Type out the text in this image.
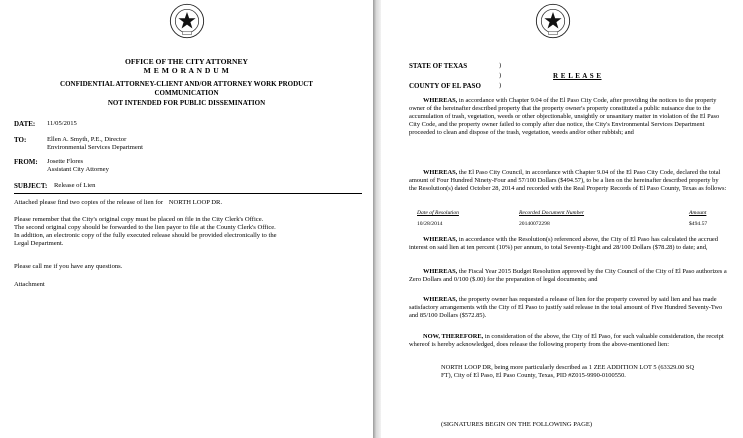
OFFICE OF THE CITY ATTORNEY
M E M O R A N D U M
CONFIDENTIAL ATTORNEY-CLIENT AND/OR ATTORNEY WORK PRODUCT
COMMUNICATION
NOT INTENDED FOR PUBLIC DISSEMINATION
DATE: 11/05/2015
TO:	Ellen A. Smyth, P.E., Director
Environmental Services Department
FROM: Josette Flores
Assistant City Attorney
SUBJECT: Release of Lien
Attached please find two copies of the release of lien for NORTH LOOP DR.
Please remember that the City's original copy must be placed on file in the City Clerk's Office.
The second original copy should be forwarded to the lien payor to file at the County Clerk's Office.
In addition, an electronic copy of the fully executed release should be provided electronically to the
Legal Department.
Please call me if you have any questions.
Attachment
STATE OF TEXAS	)
)	R E L E A S E
COUNTY OF EL PASO	)
WHEREAS, in accordance with Chapter 9.04 of the El Paso City Code, after providing the notices to the property owner of the hereinafter described property that the property owner's property constituted a public nuisance due to the accumulation of trash, vegetation, weeds or other objectionable, unsightly or unsanitary matter in violation of the El Paso City Code, and the property owner failed to comply after due notice, the City's Environmental Services Department proceeded to clean and dispose of the trash, vegetation, weeds and/or other rubbish; and
WHEREAS, the El Paso City Council, in accordance with Chapter 9.04 of the El Paso City Code, declared the total amount of Four Hundred Ninety-Four and 57/100 Dollars ($494.57), to be a lien on the hereinafter described property by the Resolution(s) dated October 28, 2014 and recorded with the Real Property Records of El Paso County, Texas as follows:
Date of Resolution	Recorded Document Number	Amount
10/28/2014	20140072298	$494.57
WHEREAS, in accordance with the Resolution(s) referenced above, the City of El Paso has calculated the accrued interest on said lien at ten percent (10%) per annum, to total Seventy-Eight and 28/100 Dollars ($78.28) to date; and,
WHEREAS, the Fiscal Year 2015 Budget Resolution approved by the City Council of the City of El Paso authorizes a Zero Dollars and 0/100 ($.00) for the preparation of legal documents; and
WHEREAS, the property owner has requested a release of lien for the property covered by said lien and has made satisfactory arrangements with the City of El Paso to justify said release in the total amount of Five Hundred Seventy-Two and 85/100 Dollars ($572.85).
NOW, THEREFORE, in consideration of the above, the City of El Paso, for such valuable consideration, the receipt whereof is hereby acknowledged, does release the following property from the above-mentioned lien:
NORTH LOOP DR, being more particularly described as 1 ZEE ADDITION LOT 5 (63329.00 SQ FT), City of El Paso, El Paso County, Texas, PID #Z015-9990-0100550.
(SIGNATURES BEGIN ON THE FOLLOWING PAGE)
